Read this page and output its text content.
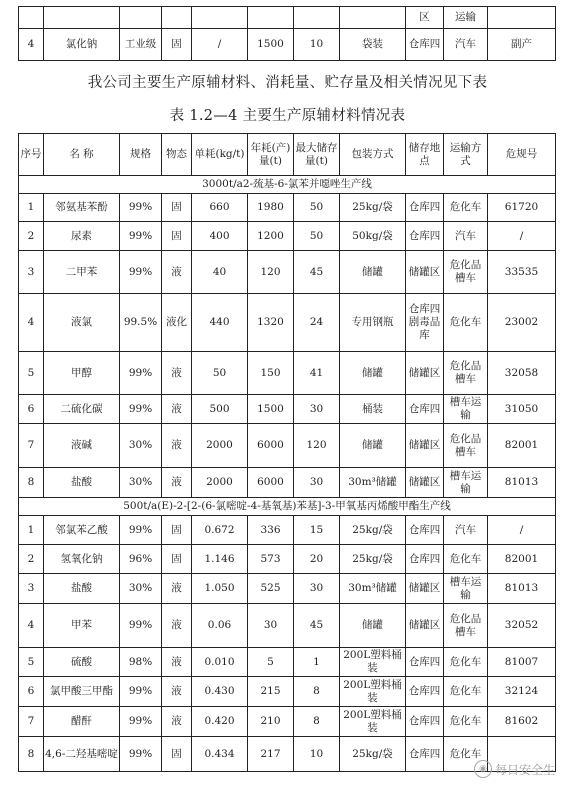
								区	运输	
4	氯化钠	工业级	固	/	1500	10	袋装	仓库四	汽车	副产
我公司主要生产原辅材料、消耗量、贮存量及相关情况见下表
表 1.2—4 主要生产原辅材料情况表
序号	名 称	规格	物态	单耗(kg/t)	年耗(产)量(t)	最大储存量(t)	包装方式	储存地点	运输方式	危规号
3000t/a2-巯基-6-氯苯并噁唑生产线										
1	邻氨基苯酚	99%	固	660	1980	50	25kg/袋	仓库四	危化车	61720
2	尿素	99%	固	400	1200	50	50kg/袋	仓库四	汽车	/
3	二甲苯	99%	液	40	120	45	储罐	储罐区	危化品槽车	33535
4	液氯	99.5%	液化	440	1320	24	专用钢瓶	仓库四剧毒品库	危化车	23002
5	甲醇	99%	液	50	150	41	储罐	储罐区	危化品槽车	32058
6	二硫化碳	99%	液	500	1500	30	桶装	仓库四	槽车运输	31050
7	液碱	30%	液	2000	6000	120	储罐	储罐区	危化品槽车	82001
8	盐酸	30%	液	2000	6000	30	30m³储罐	储罐区	槽车运输	81013
500t/a(E)-2-[2-(6-氯嘧啶-4-基氧基)苯基]-3-甲氧基丙烯酸甲酯生产线										
1	邻氯苯乙酸	99%	固	0.672	336	15	25kg/袋	仓库四	汽车	/
2	氢氧化钠	96%	固	1.146	573	20	25kg/袋	仓库四	危化车	82001
3	盐酸	30%	液	1.050	525	30	30m³储罐	储罐区	槽车运输	81013
4	甲苯	99%	液	0.06	30	45	储罐	储罐区	危化品槽车	32052
5	硫酸	98%	液	0.010	5	1	200L塑料桶装	仓库四	危化车	81007
6	氯甲酸三甲酯	99%	液	0.430	215	8	200L塑料桶装	仓库四	危化车	32124
7	醋酐	99%	液	0.420	210	8	200L塑料桶装	仓库四	危化车	81602
8	4,6-二羟基嘧啶	99%	固	0.434	217	10	25kg/袋	仓库四	危化车	
◉ 每日安全生
